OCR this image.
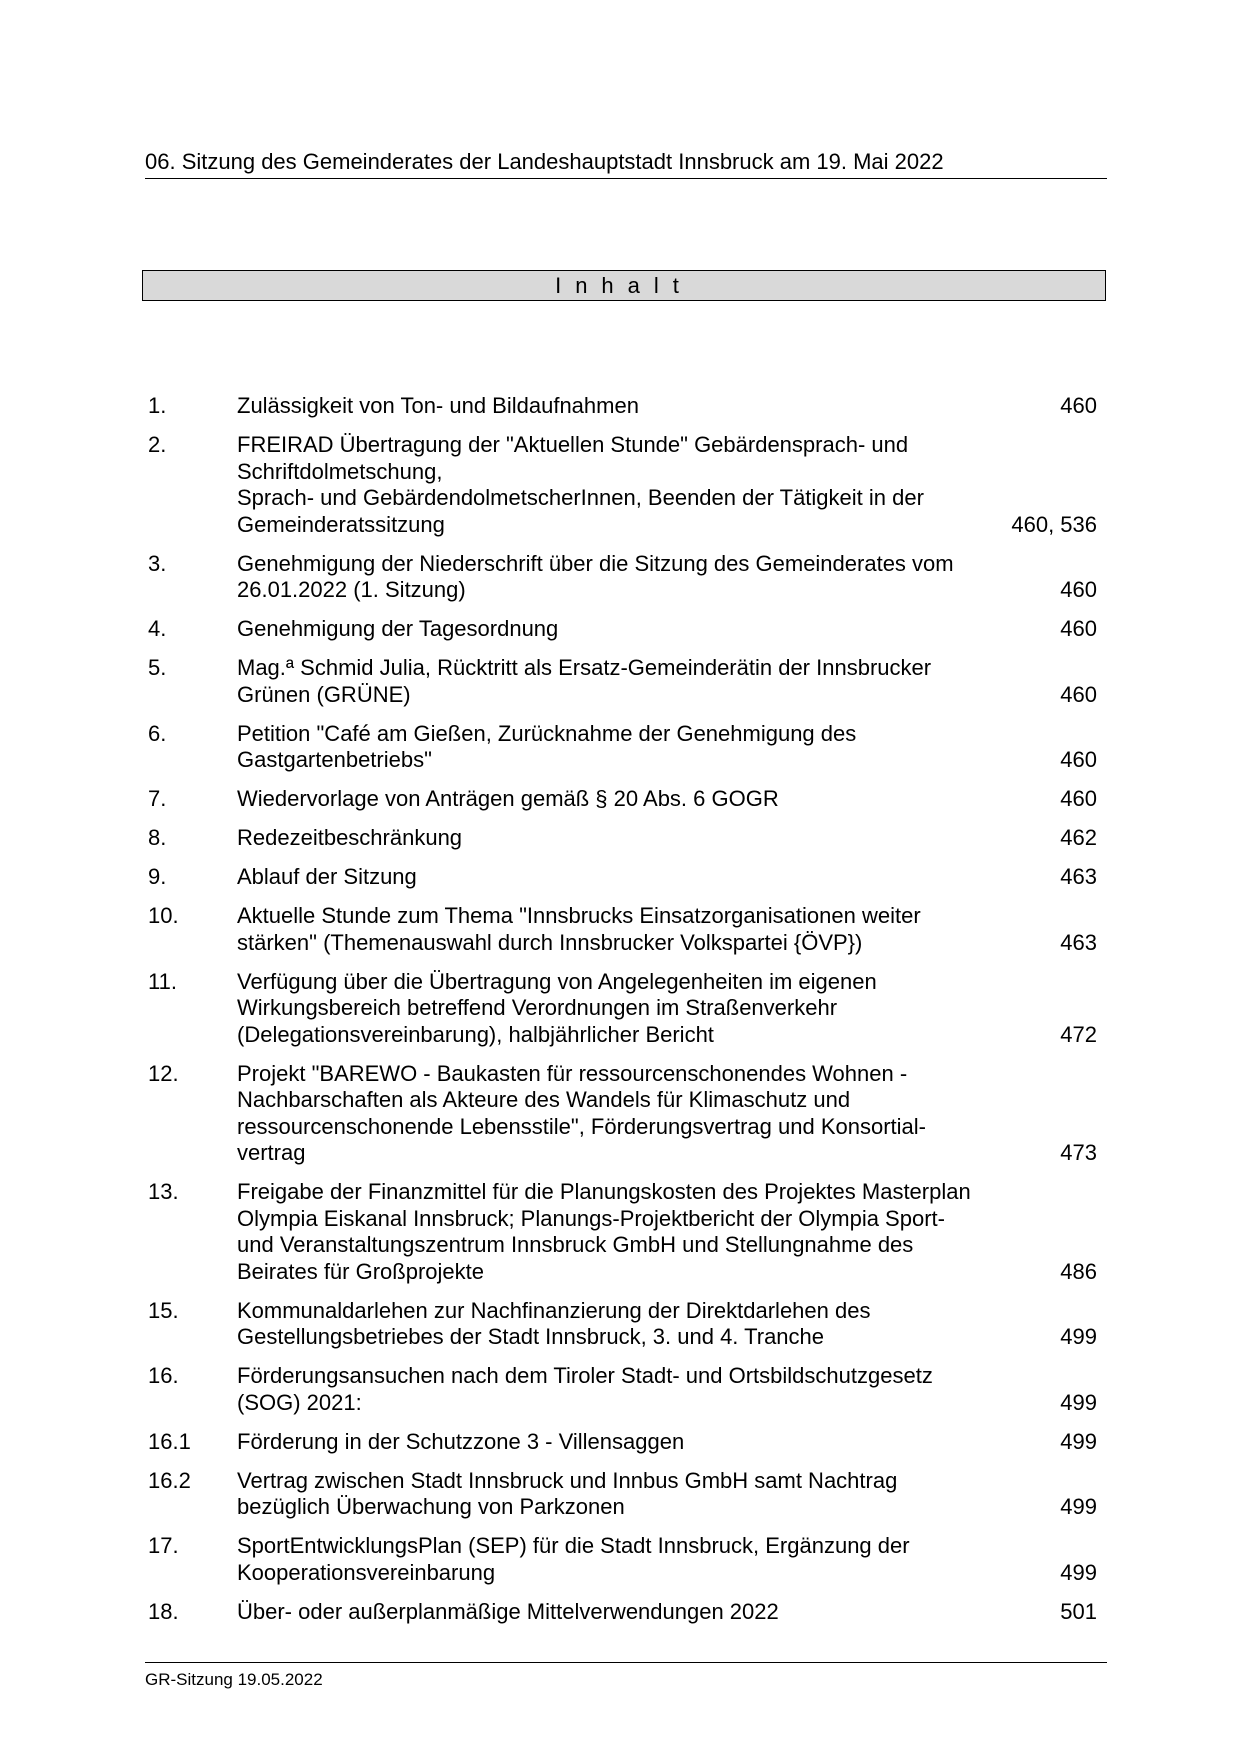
06. Sitzung des Gemeinderates der Landeshauptstadt Innsbruck am 19. Mai 2022
Inhalt
1.	Zulässigkeit von Ton- und Bildaufnahmen	460
2.	FREIRAD Übertragung der "Aktuellen Stunde" Gebärdensprach- und
Schriftdolmetschung,
Sprach- und GebärdendolmetscherInnen, Beenden der Tätigkeit in der
Gemeinderatssitzung	460, 536
3.	Genehmigung der Niederschrift über die Sitzung des Gemeinderates vom
26.01.2022 (1. Sitzung)	460
4.	Genehmigung der Tagesordnung	460
5.	Mag.ª Schmid Julia, Rücktritt als Ersatz-Gemeinderätin der Innsbrucker
Grünen (GRÜNE)	460
6.	Petition "Café am Gießen, Zurücknahme der Genehmigung des
Gastgartenbetriebs"	460
7.	Wiedervorlage von Anträgen gemäß § 20 Abs. 6 GOGR	460
8.	Redezeitbeschränkung	462
9.	Ablauf der Sitzung	463
10.	Aktuelle Stunde zum Thema "Innsbrucks Einsatzorganisationen weiter
stärken" (Themenauswahl durch Innsbrucker Volkspartei {ÖVP})	463
11.	Verfügung über die Übertragung von Angelegenheiten im eigenen
Wirkungsbereich betreffend Verordnungen im Straßenverkehr
(Delegationsvereinbarung), halbjährlicher Bericht	472
12.	Projekt "BAREWO - Baukasten für ressourcenschonendes Wohnen -
Nachbarschaften als Akteure des Wandels für Klimaschutz und
ressourcenschonende Lebensstile", Förderungsvertrag und Konsortial-
vertrag	473
13.	Freigabe der Finanzmittel für die Planungskosten des Projektes Masterplan
Olympia Eiskanal Innsbruck; Planungs-Projektbericht der Olympia Sport-
und Veranstaltungszentrum Innsbruck GmbH und Stellungnahme des
Beirates für Großprojekte	486
15.	Kommunaldarlehen zur Nachfinanzierung der Direktdarlehen des
Gestellungsbetriebes der Stadt Innsbruck, 3. und 4. Tranche	499
16.	Förderungsansuchen nach dem Tiroler Stadt- und Ortsbildschutzgesetz
(SOG) 2021:	499
16.1	Förderung in der Schutzzone 3 - Villensaggen	499
16.2	Vertrag zwischen Stadt Innsbruck und Innbus GmbH samt Nachtrag
bezüglich Überwachung von Parkzonen	499
17.	SportEntwicklungsPlan (SEP) für die Stadt Innsbruck, Ergänzung der
Kooperationsvereinbarung	499
18.	Über- oder außerplanmäßige Mittelverwendungen 2022	501
GR-Sitzung 19.05.2022
